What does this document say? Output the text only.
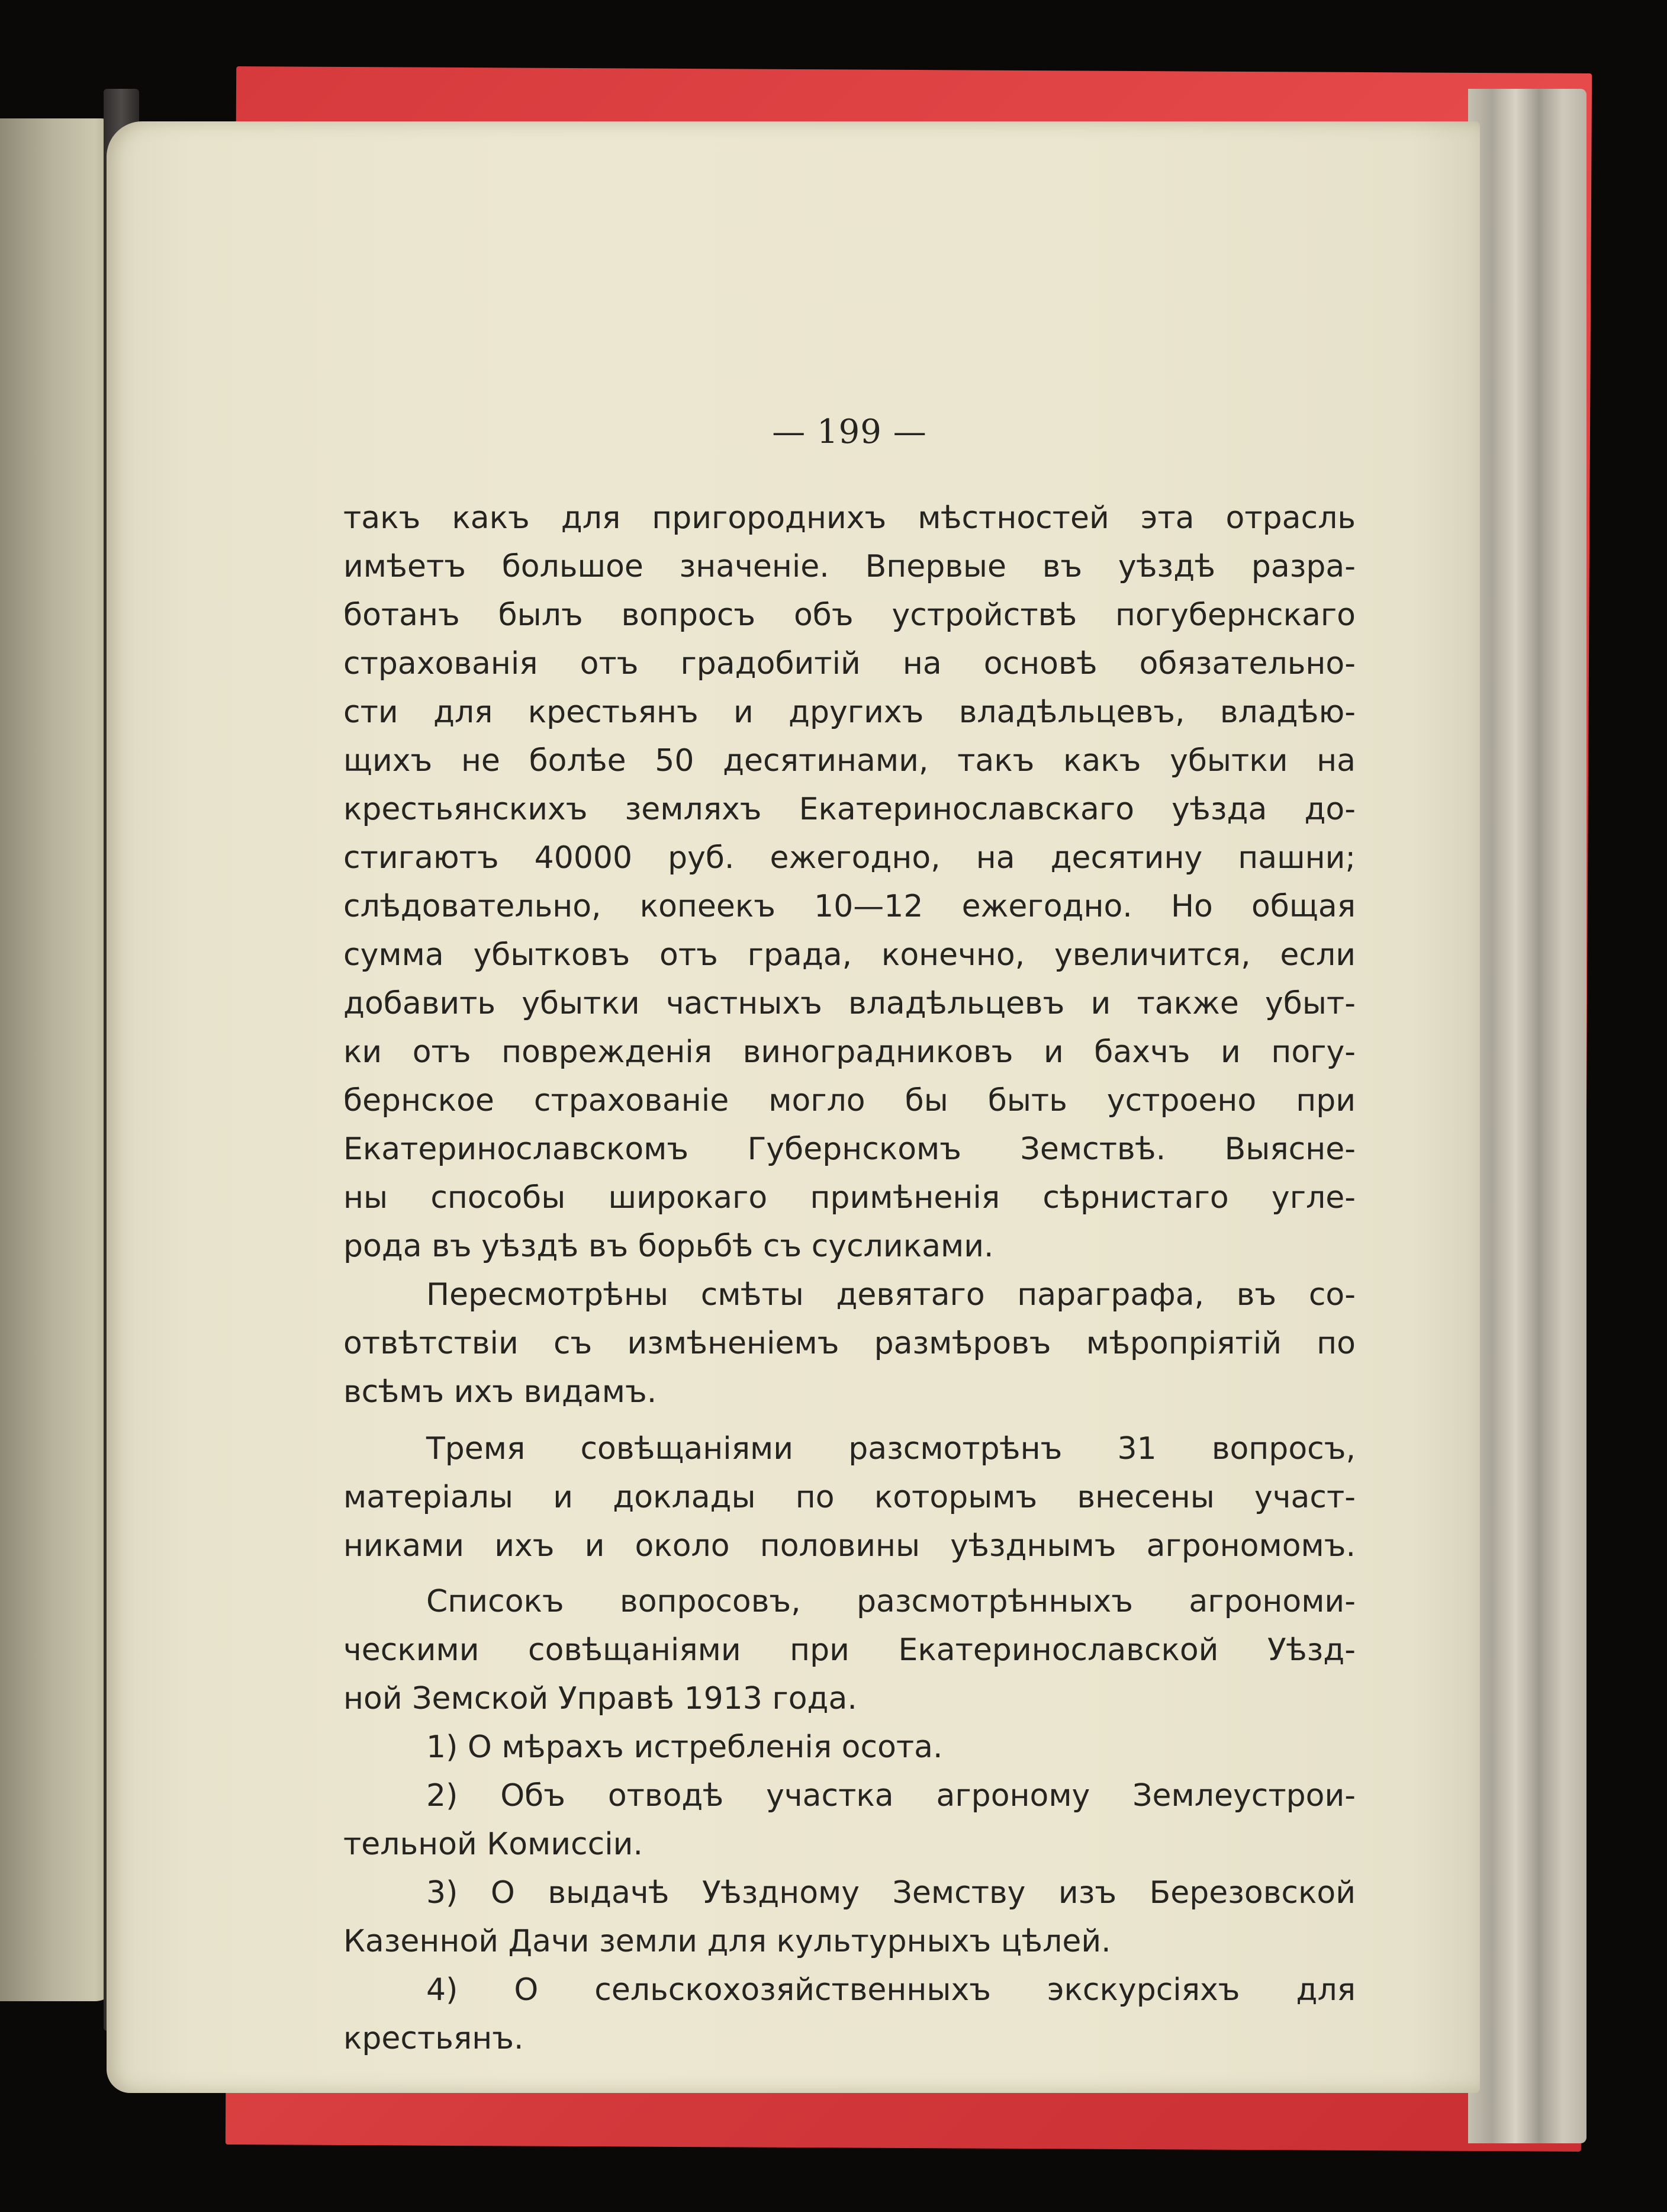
— 199 —
такъ какъ для пригороднихъ мѣстностей эта отрасль
имѣетъ большое значеніе. Впервые въ уѣздѣ разра-
ботанъ былъ вопросъ объ устройствѣ погубернскаго
страхованія отъ градобитій на основѣ обязательно-
сти для крестьянъ и другихъ владѣльцевъ, владѣю-
щихъ не болѣе 50 десятинами, такъ какъ убытки на
крестьянскихъ земляхъ Екатеринославскаго уѣзда до-
стигаютъ 40000 руб. ежегодно, на десятину пашни;
слѣдовательно, копеекъ 10—12 ежегодно. Но общая
сумма убытковъ отъ града, конечно, увеличится, если
добавить убытки частныхъ владѣльцевъ и также убыт-
ки отъ поврежденія виноградниковъ и бахчъ и погу-
бернское страхованіе могло бы быть устроено при
Екатеринославскомъ Губернскомъ Земствѣ. Выясне-
ны способы широкаго примѣненія сѣрнистаго угле-
рода въ уѣздѣ въ борьбѣ съ сусликами.
Пересмотрѣны смѣты девятаго параграфа, въ со-
отвѣтствіи съ измѣненіемъ размѣровъ мѣропріятій по
всѣмъ ихъ видамъ.
Тремя совѣщаніями разсмотрѣнъ 31 вопросъ,
матеріалы и доклады по которымъ внесены участ-
никами ихъ и около половины уѣзднымъ агрономомъ.
Списокъ вопросовъ, разсмотрѣнныхъ агрономи-
ческими совѣщаніями при Екатеринославской Уѣзд-
ной Земской Управѣ 1913 года.
1) О мѣрахъ истребленія осота.
2) Объ отводѣ участка агроному Землеустрои-
тельной Комиссіи.
3) О выдачѣ Уѣздному Земству изъ Березовской
Казенной Дачи земли для культурныхъ цѣлей.
4) О сельскохозяйственныхъ экскурсіяхъ для
крестьянъ.
